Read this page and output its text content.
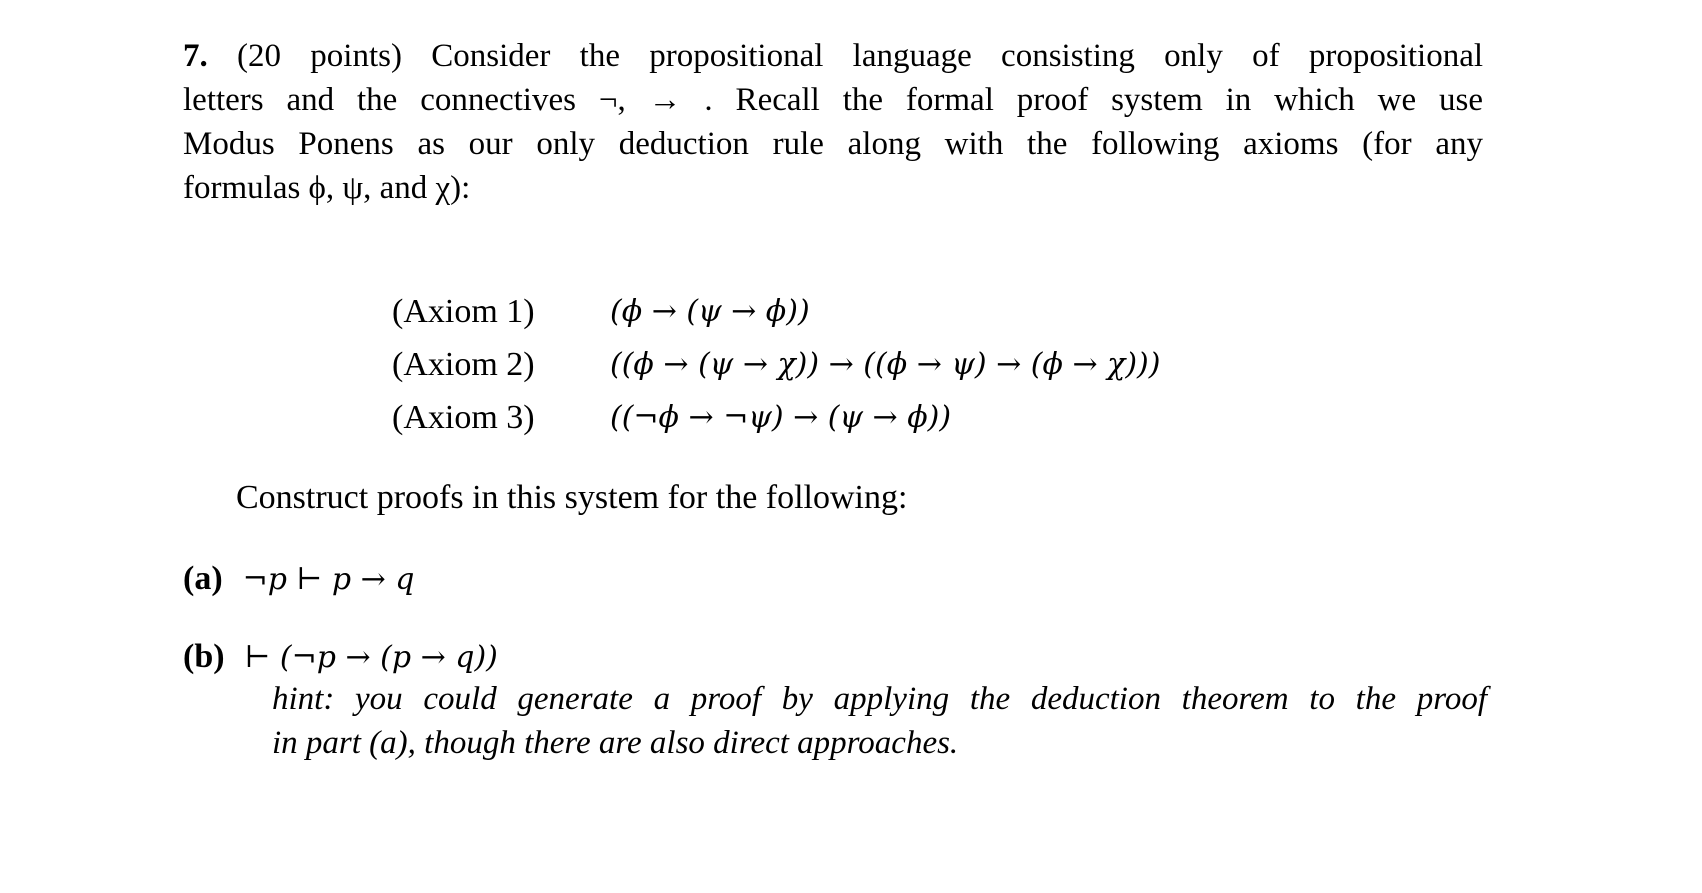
7. (20 points) Consider the propositional language consisting only of propositional
letters and the connectives ¬, → . Recall the formal proof system in which we use
Modus Ponens as our only deduction rule along with the following axioms (for any
formulas ϕ, ψ, and χ):
(Axiom 1)	(ϕ → (ψ → ϕ))
(Axiom 2)	((ϕ → (ψ → χ)) → ((ϕ → ψ) → (ϕ → χ)))
(Axiom 3)	((¬ϕ → ¬ψ) → (ψ → ϕ))
Construct proofs in this system for the following:
(a) ¬p ⊢ p → q
(b) ⊢ (¬p → (p → q))
hint: you could generate a proof by applying the deduction theorem to the proof
in part (a), though there are also direct approaches.
